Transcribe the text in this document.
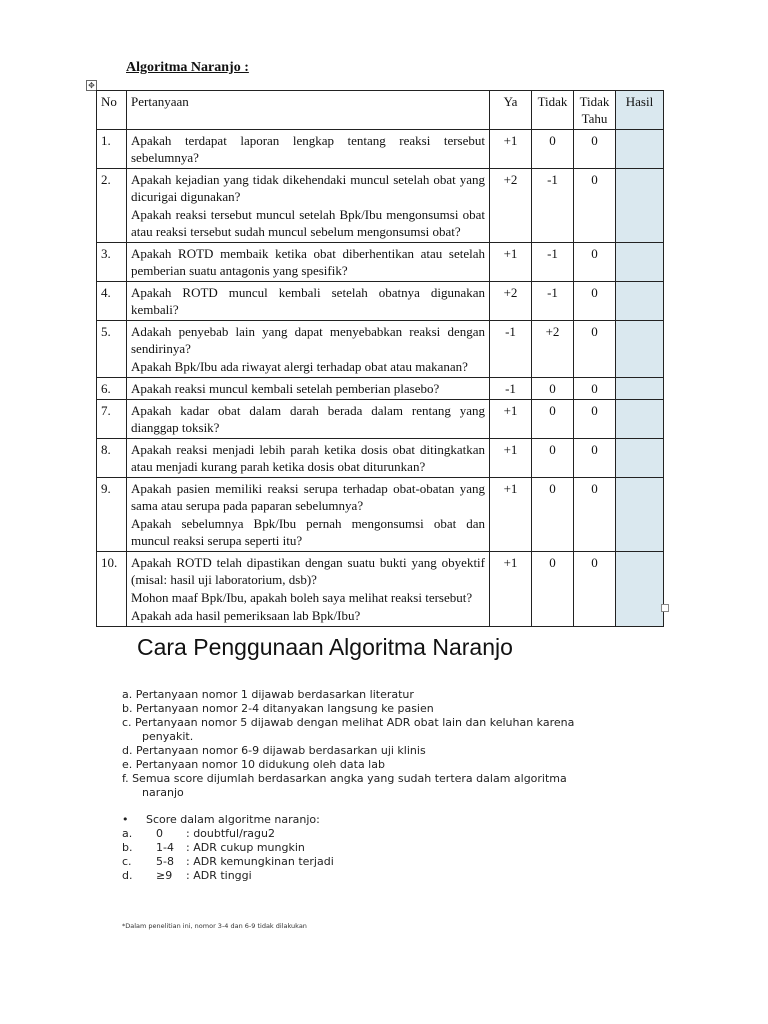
Algoritma Naranjo :
✥
No	Pertanyaan	Ya	Tidak	Tidak Tahu	Hasil
1.	Apakah terdapat laporan lengkap tentang reaksi tersebut sebelumnya?	+1	0	0	
2.	Apakah kejadian yang tidak dikehendaki muncul setelah obat yang dicurigai digunakan?
Apakah reaksi tersebut muncul setelah Bpk/Ibu mengonsumsi obat atau reaksi tersebut sudah muncul sebelum mengonsumsi obat?	+2	-1	0	
3.	Apakah ROTD membaik ketika obat diberhentikan atau setelah pemberian suatu antagonis yang spesifik?	+1	-1	0	
4.	Apakah ROTD muncul kembali setelah obatnya digunakan kembali?	+2	-1	0	
5.	Adakah penyebab lain yang dapat menyebabkan reaksi dengan sendirinya?
Apakah Bpk/Ibu ada riwayat alergi terhadap obat atau makanan?	-1	+2	0	
6.	Apakah reaksi muncul kembali setelah pemberian plasebo?	-1	0	0	
7.	Apakah kadar obat dalam darah berada dalam rentang yang dianggap toksik?	+1	0	0	
8.	Apakah reaksi menjadi lebih parah ketika dosis obat ditingkatkan atau menjadi kurang parah ketika dosis obat diturunkan?	+1	0	0	
9.	Apakah pasien memiliki reaksi serupa terhadap obat-obatan yang sama atau serupa pada paparan sebelumnya?
Apakah sebelumnya Bpk/Ibu pernah mengonsumsi obat dan muncul reaksi serupa seperti itu?	+1	0	0	
10.	Apakah ROTD telah dipastikan dengan suatu bukti yang obyektif (misal: hasil uji laboratorium, dsb)?
Mohon maaf Bpk/Ibu, apakah boleh saya melihat reaksi tersebut?
Apakah ada hasil pemeriksaan lab Bpk/Ibu?	+1	0	0	
Cara Penggunaan Algoritma Naranjo

a. Pertanyaan nomor 1 dijawab berdasarkan literatur

b. Pertanyaan nomor 2-4 ditanyakan langsung ke pasien

c. Pertanyaan nomor 5 dijawab dengan melihat ADR obat lain dan keluhan karena penyakit.

d. Pertanyaan nomor 6-9 dijawab berdasarkan uji klinis

e. Pertanyaan nomor 10 didukung oleh data lab

f. Semua score dijumlah berdasarkan angka yang sudah tertera dalam algoritma naranjo

• Score dalam algoritme naranjo:
a.	0	: doubtful/ragu2
b.	1-4	: ADR cukup mungkin
c.	5-8	: ADR kemungkinan terjadi
d.	≥9	: ADR tinggi
*Dalam penelitian ini, nomor 3-4 dan 6-9 tidak dilakukan
